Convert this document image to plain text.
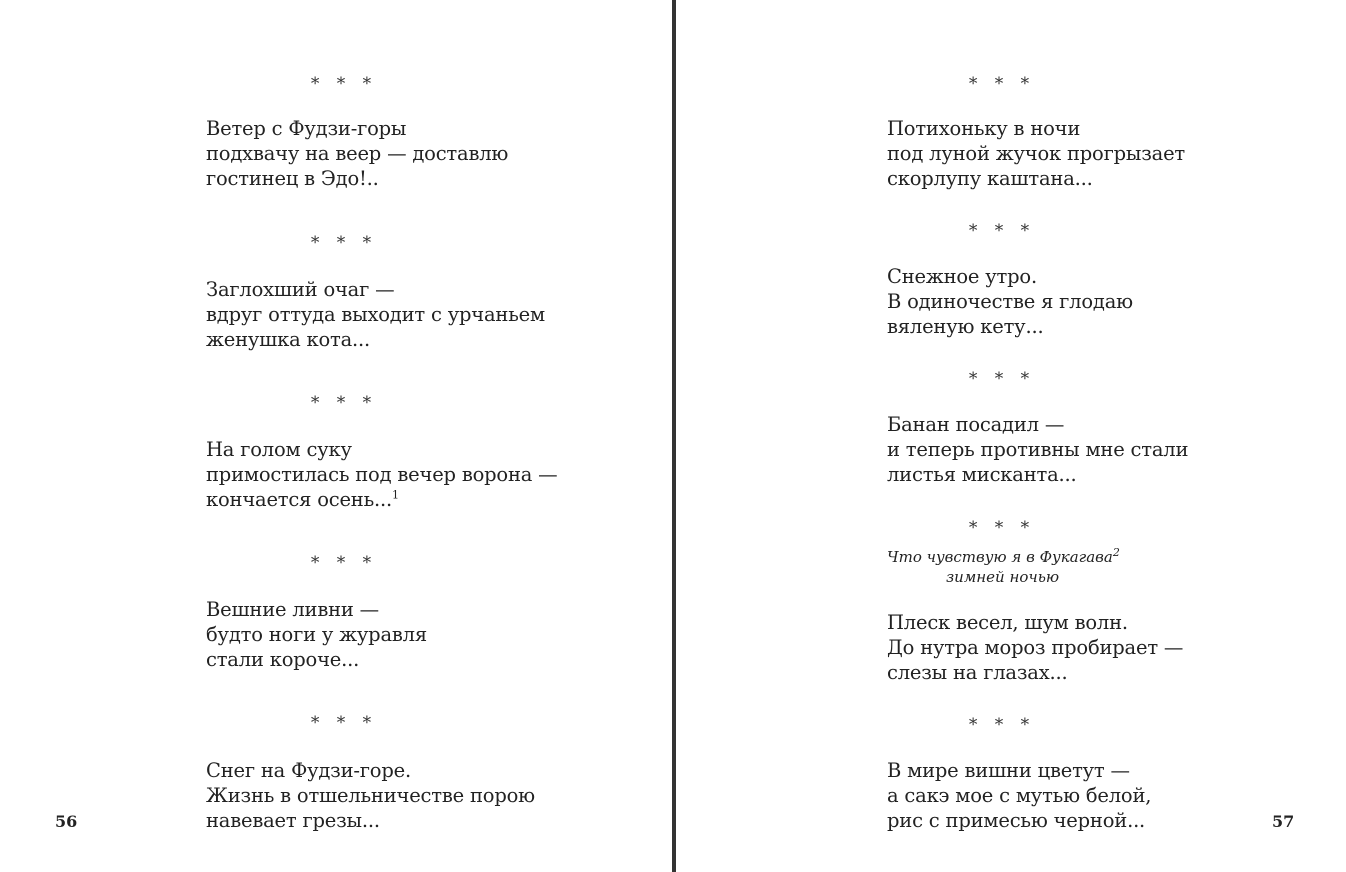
* * *
Ветер с Фудзи-горы
подхвачу на веер — доставлю
гостинец в Эдо!..
* * *
Заглохший очаг —
вдруг оттуда выходит с урчаньем
женушка кота...
* * *
На голом суку
примостилась под вечер ворона —
кончается осень...$^1$
* * *
Вешние ливни —
будто ноги у журавля
стали короче...
* * *
Снег на Фудзи-горе.
Жизнь в отшельничестве порою
навевает грезы...
56
* * *
Потихоньку в ночи
под луной жучок прогрызает
скорлупу каштана...
* * *
Снежное утро.
В одиночестве я глодаю
вяленую кету...
* * *
Банан посадил —
и теперь противны мне стали
листья мисканта...
* * *
Что чувствую я в Фукагава$^2$
зимней ночью
Плеск весел, шум волн.
До нутра мороз пробирает —
слезы на глазах...
* * *
В мире вишни цветут —
а сакэ мое с мутью белой,
рис с примесью черной...	57
